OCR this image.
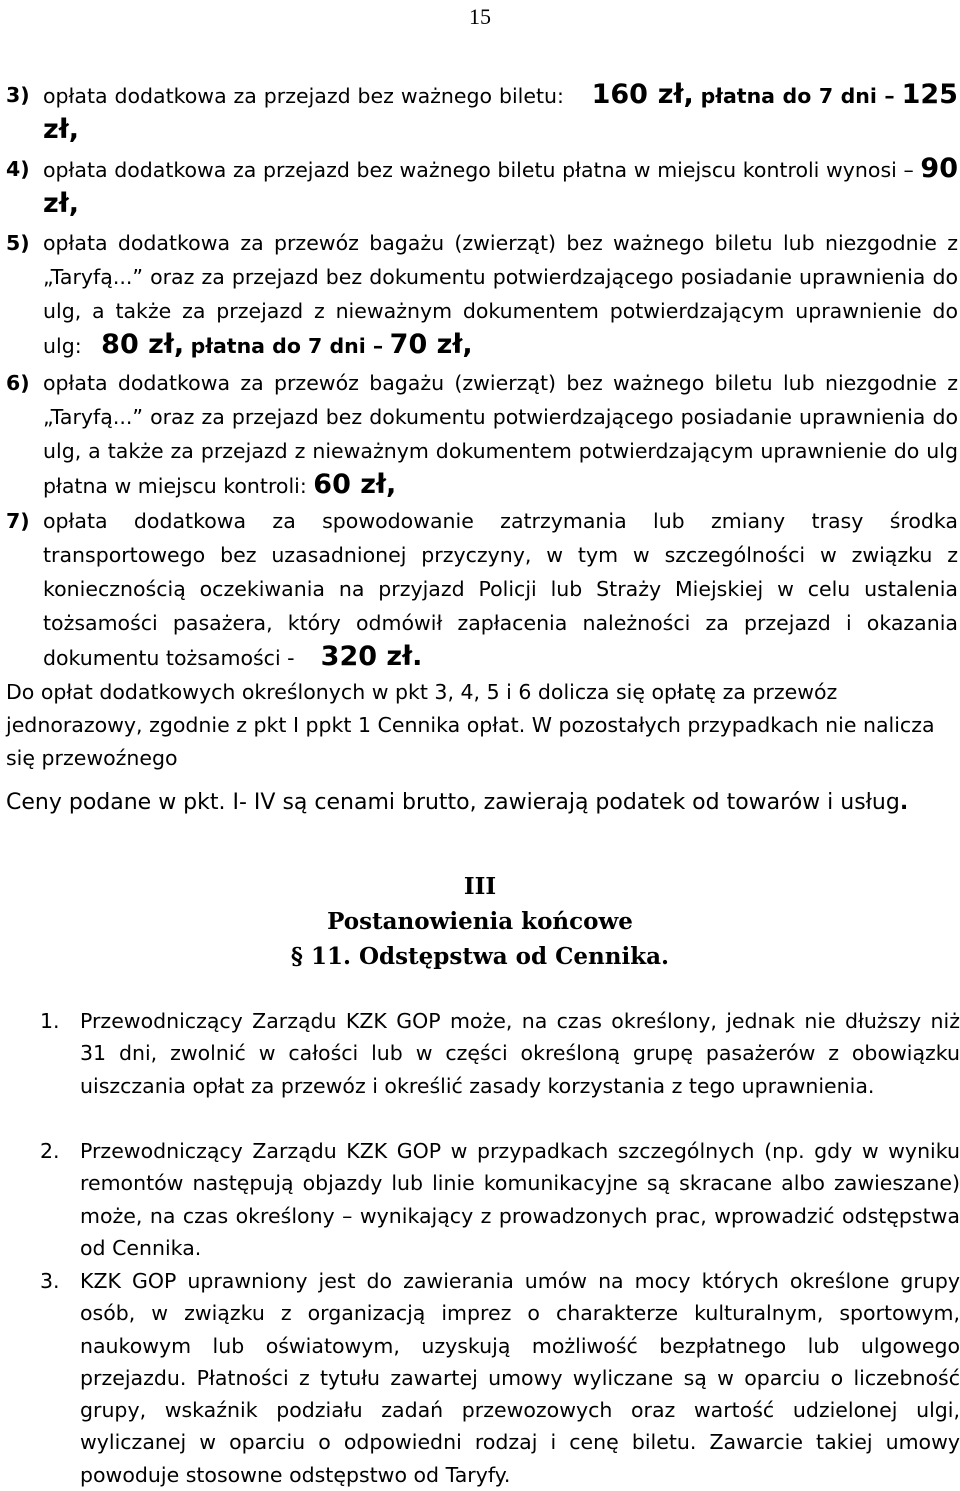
15
3) opłata dodatkowa za przejazd bez ważnego biletu: 160 zł, płatna do 7 dni – 125 zł,
4) opłata dodatkowa za przejazd bez ważnego biletu płatna w miejscu kontroli wynosi – 90 zł,
5) opłata dodatkowa za przewóz bagażu (zwierząt) bez ważnego biletu lub niezgodnie z „Taryfą...” oraz za przejazd bez dokumentu potwierdzającego posiadanie uprawnienia do ulg, a także za przejazd z nieważnym dokumentem potwierdzającym uprawnienie do ulg: 80 zł, płatna do 7 dni – 70 zł,
6) opłata dodatkowa za przewóz bagażu (zwierząt) bez ważnego biletu lub niezgodnie z „Taryfą...” oraz za przejazd bez dokumentu potwierdzającego posiadanie uprawnienia do ulg, a także za przejazd z nieważnym dokumentem potwierdzającym uprawnienie do ulg płatna w miejscu kontroli: 60 zł,
7) opłata dodatkowa za spowodowanie zatrzymania lub zmiany trasy środka transportowego bez uzasadnionej przyczyny, w tym w szczególności w związku z koniecznością oczekiwania na przyjazd Policji lub Straży Miejskiej w celu ustalenia tożsamości pasażera, który odmówił zapłacenia należności za przejazd i okazania dokumentu tożsamości - 320 zł.
Do opłat dodatkowych określonych w pkt 3, 4, 5 i 6 dolicza się opłatę za przewóz jednorazowy, zgodnie z pkt I ppkt 1 Cennika opłat. W pozostałych przypadkach nie nalicza się przewoźnego
Ceny podane w pkt. I- IV są cenami brutto, zawierają podatek od towarów i usług.
III
Postanowienia końcowe
§ 11. Odstępstwa od Cennika.
1. Przewodniczący Zarządu KZK GOP może, na czas określony, jednak nie dłuższy niż 31 dni, zwolnić w całości lub w części określoną grupę pasażerów z obowiązku uiszczania opłat za przewóz i określić zasady korzystania z tego uprawnienia.
2. Przewodniczący Zarządu KZK GOP w przypadkach szczególnych (np. gdy w wyniku remontów następują objazdy lub linie komunikacyjne są skracane albo zawieszane) może, na czas określony – wynikający z prowadzonych prac, wprowadzić odstępstwa od Cennika.
3. KZK GOP uprawniony jest do zawierania umów na mocy których określone grupy osób, w związku z organizacją imprez o charakterze kulturalnym, sportowym, naukowym lub oświatowym, uzyskują możliwość bezpłatnego lub ulgowego przejazdu. Płatności z tytułu zawartej umowy wyliczane są w oparciu o liczebność grupy, wskaźnik podziału zadań przewozowych oraz wartość udzielonej ulgi, wyliczanej w oparciu o odpowiedni rodzaj i cenę biletu. Zawarcie takiej umowy powoduje stosowne odstępstwo od Taryfy.
